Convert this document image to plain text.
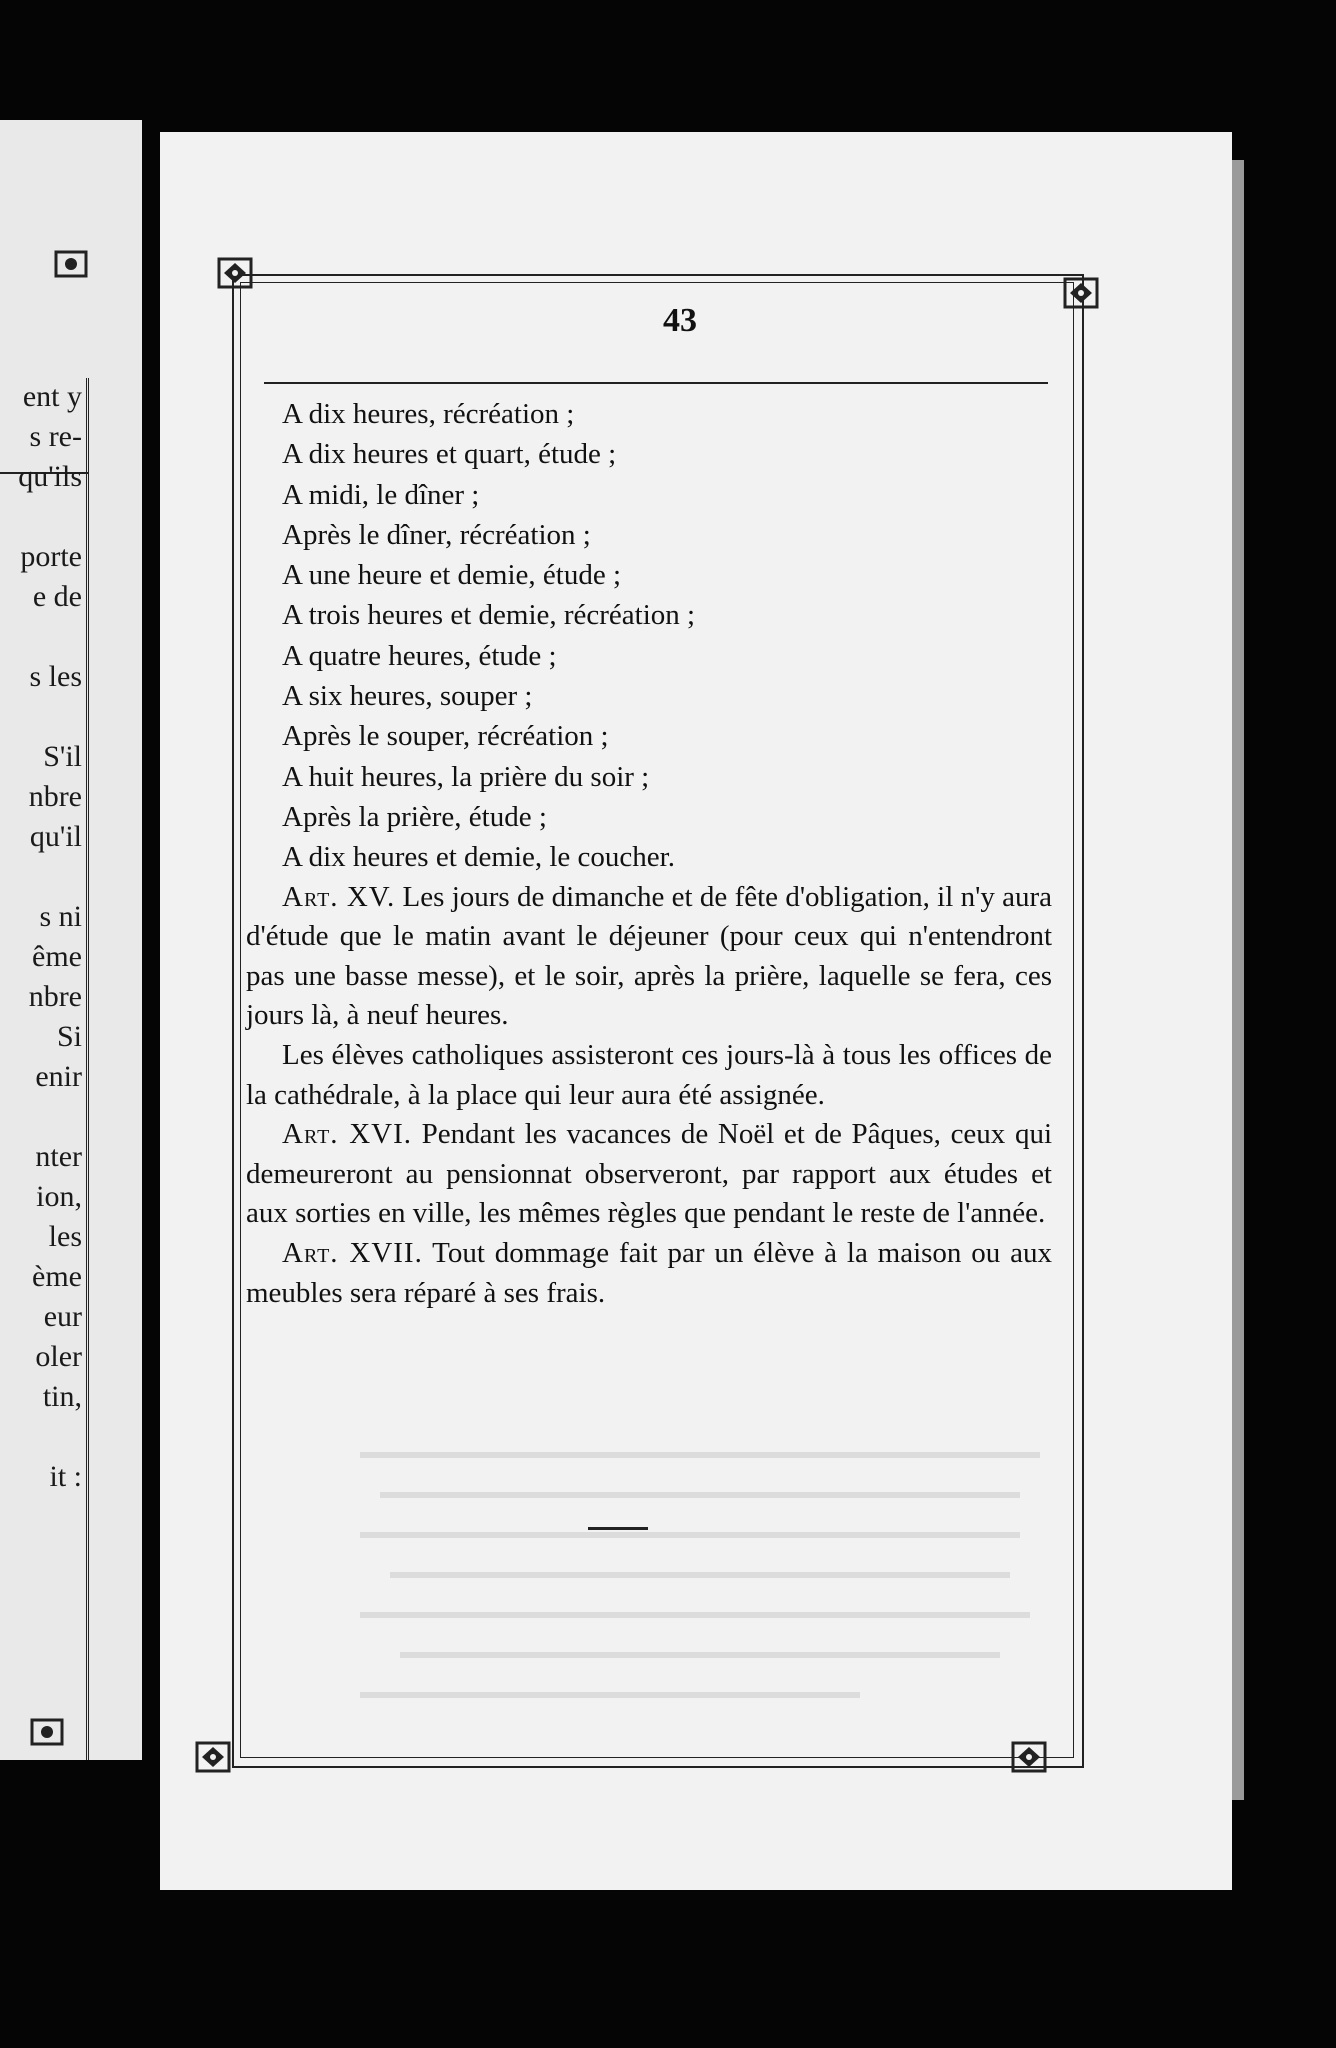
ent y
s re-
qu'ils
porte
e de
s les
S'il
nbre
qu'il
s ni
ême
nbre
Si
enir
nter
ion,
les
ème
eur
oler
tin,
it :
43
A dix heures, récréation ;
A dix heures et quart, étude ;
A midi, le dîner ;
Après le dîner, récréation ;
A une heure et demie, étude ;
A trois heures et demie, récréation ;
A quatre heures, étude ;
A six heures, souper ;
Après le souper, récréation ;
A huit heures, la prière du soir ;
Après la prière, étude ;
A dix heures et demie, le coucher.
Art. XV. Les jours de dimanche et de fête d'obligation, il n'y aura d'étude que le matin avant le déjeuner (pour ceux qui n'entendront pas une basse messe), et le soir, après la prière, laquelle se fera, ces jours là, à neuf heures.
Les élèves catholiques assisteront ces jours-là à tous les offices de la cathédrale, à la place qui leur aura été assignée.
Art. XVI. Pendant les vacances de Noël et de Pâques, ceux qui demeureront au pensionnat observeront, par rapport aux études et aux sorties en ville, les mêmes règles que pendant le reste de l'année.
Art. XVII. Tout dommage fait par un élève à la maison ou aux meubles sera réparé à ses frais.
